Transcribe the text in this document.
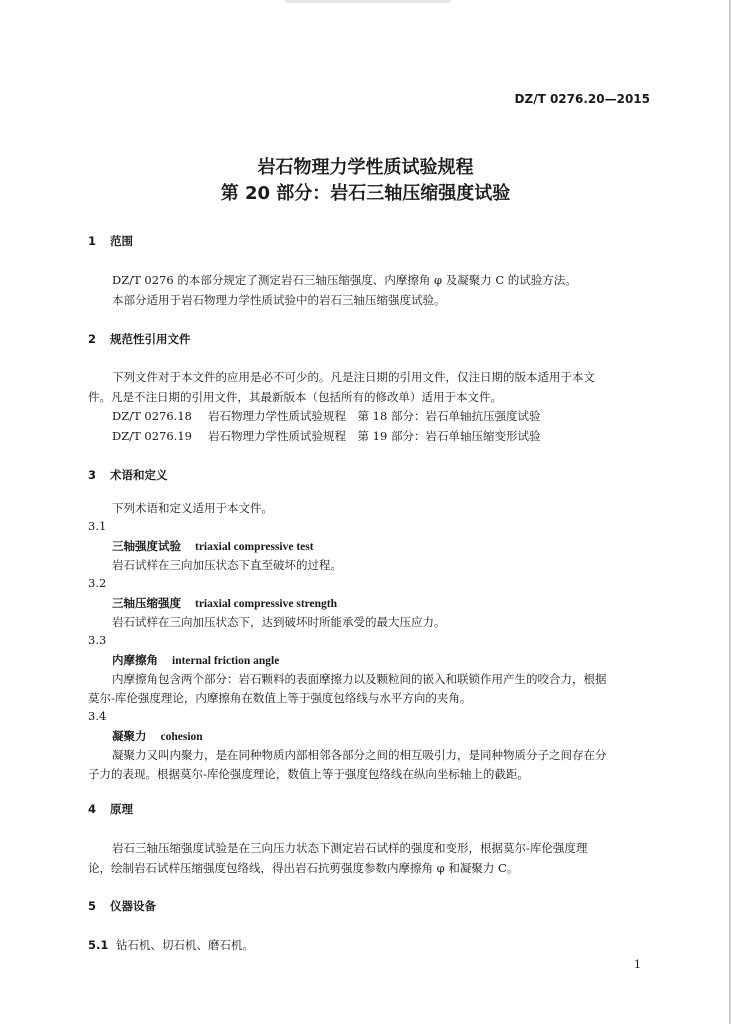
DZ/T 0276.20—2015
岩石物理力学性质试验规程
第 20 部分：岩石三轴压缩强度试验
1 范围
DZ/T 0276 的本部分规定了测定岩石三轴压缩强度、内摩擦角 φ 及凝聚力 C 的试验方法。
本部分适用于岩石物理力学性质试验中的岩石三轴压缩强度试验。
2 规范性引用文件
下列文件对于本文件的应用是必不可少的。凡是注日期的引用文件，仅注日期的版本适用于本文
件。凡是不注日期的引用文件，其最新版本（包括所有的修改单）适用于本文件。
DZ/T 0276.18 岩石物理力学性质试验规程　第 18 部分：岩石单轴抗压强度试验
DZ/T 0276.19 岩石物理力学性质试验规程　第 19 部分：岩石单轴压缩变形试验
3 术语和定义
下列术语和定义适用于本文件。
3.1
三轴强度试验 triaxial compressive test
岩石试样在三向加压状态下直至破坏的过程。
3.2
三轴压缩强度 triaxial compressive strength
岩石试样在三向加压状态下，达到破坏时所能承受的最大压应力。
3.3
内摩擦角 internal friction angle
内摩擦角包含两个部分：岩石颗料的表面摩擦力以及颗粒间的嵌入和联锁作用产生的咬合力，根据
莫尔-库伦强度理论，内摩擦角在数值上等于强度包络线与水平方向的夹角。
3.4
凝聚力 cohesion
凝聚力又叫内聚力，是在同种物质内部相邻各部分之间的相互吸引力，是同种物质分子之间存在分
子力的表现。根据莫尔-库伦强度理论，数值上等于强度包络线在纵向坐标轴上的截距。
4 原理
岩石三轴压缩强度试验是在三向压力状态下测定岩石试样的强度和变形，根据莫尔-库伦强度理
论，绘制岩石试样压缩强度包络线，得出岩石抗剪强度参数内摩擦角 φ 和凝聚力 C。
5 仪器设备
5.1 钻石机、切石机、磨石机。
1
